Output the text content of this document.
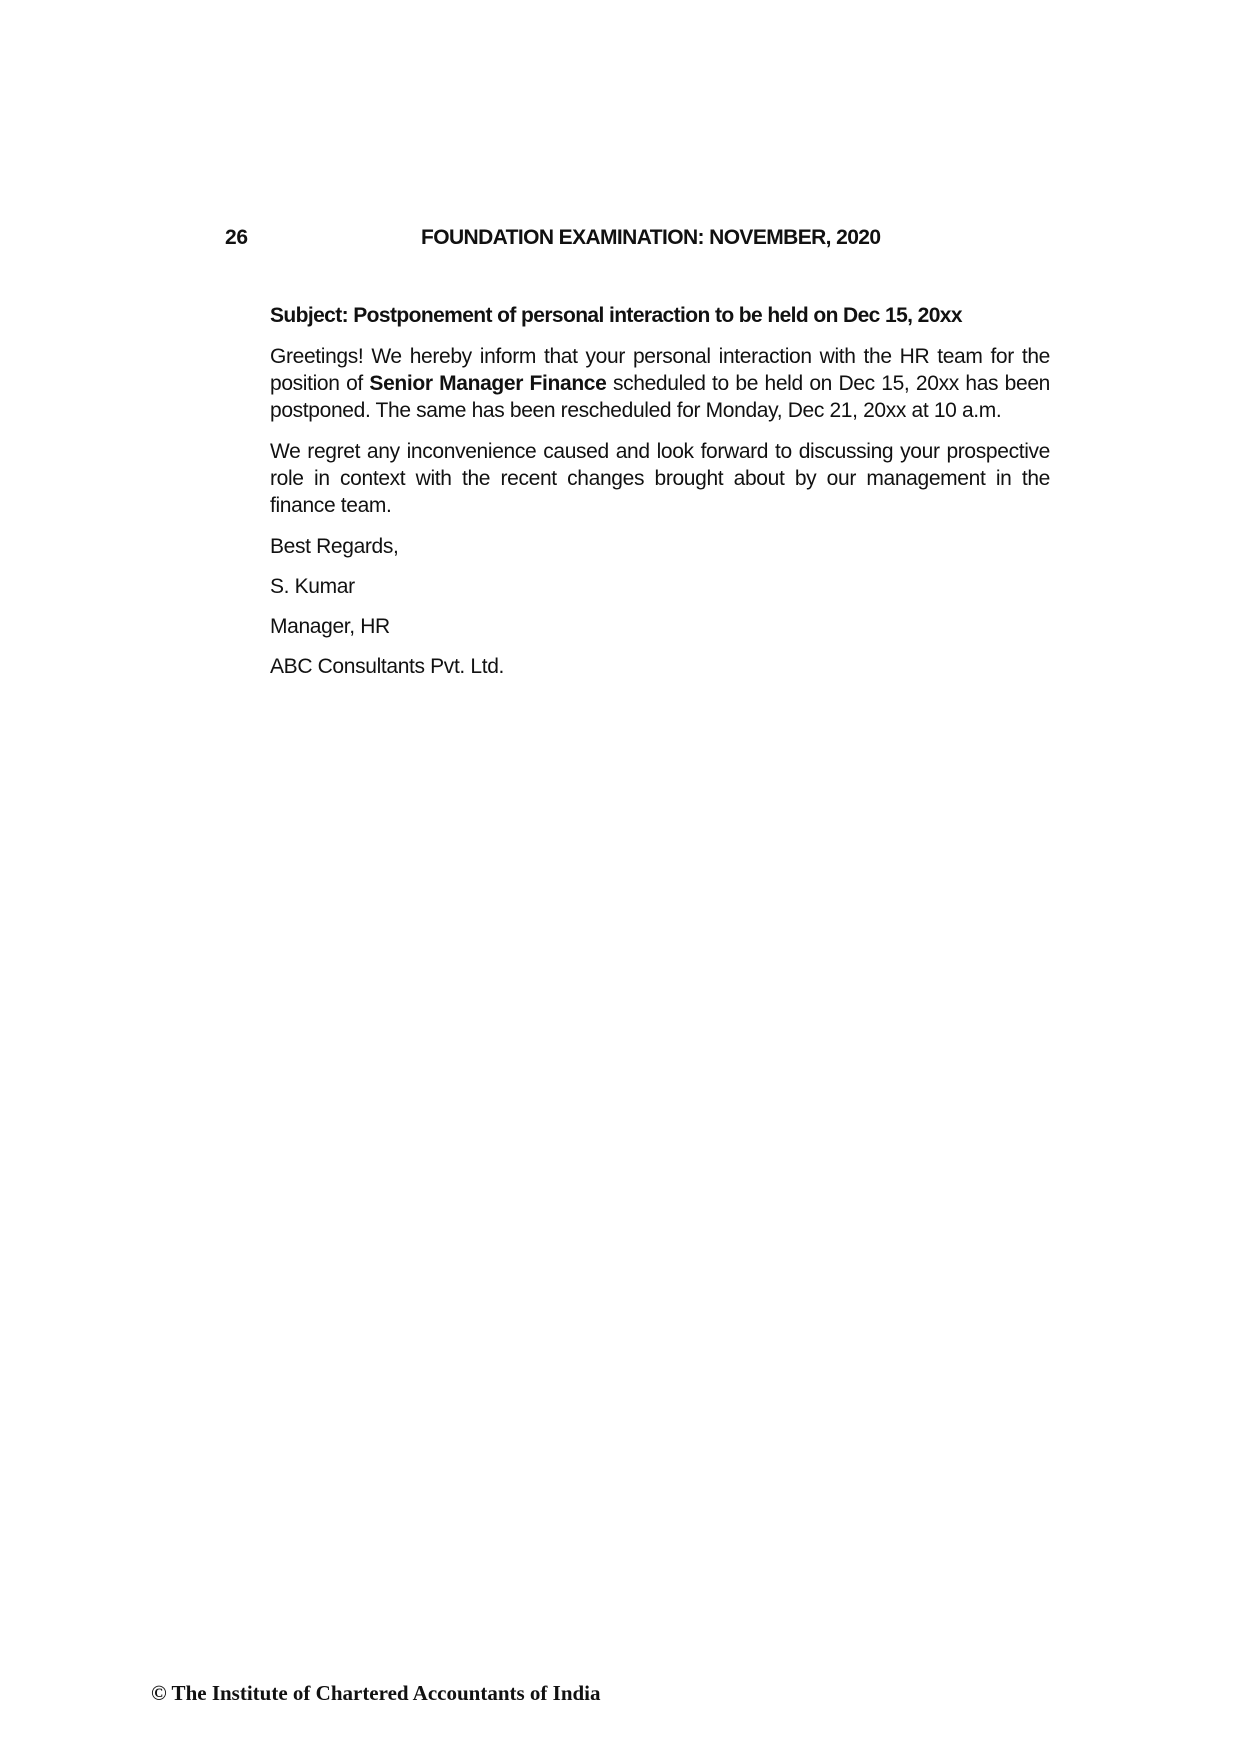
26	FOUNDATION EXAMINATION: NOVEMBER, 2020

Subject: Postponement of personal interaction to be held on Dec 15, 20xx

Greetings! We hereby inform that your personal interaction with the HR team for the position of Senior Manager Finance scheduled to be held on Dec 15, 20xx has been postponed. The same has been rescheduled for Monday, Dec 21, 20xx at 10 a.m.

We regret any inconvenience caused and look forward to discussing your prospective role in context with the recent changes brought about by our management in the finance team.

Best Regards,

S. Kumar

Manager, HR

ABC Consultants Pvt. Ltd.

© The Institute of Chartered Accountants of India
